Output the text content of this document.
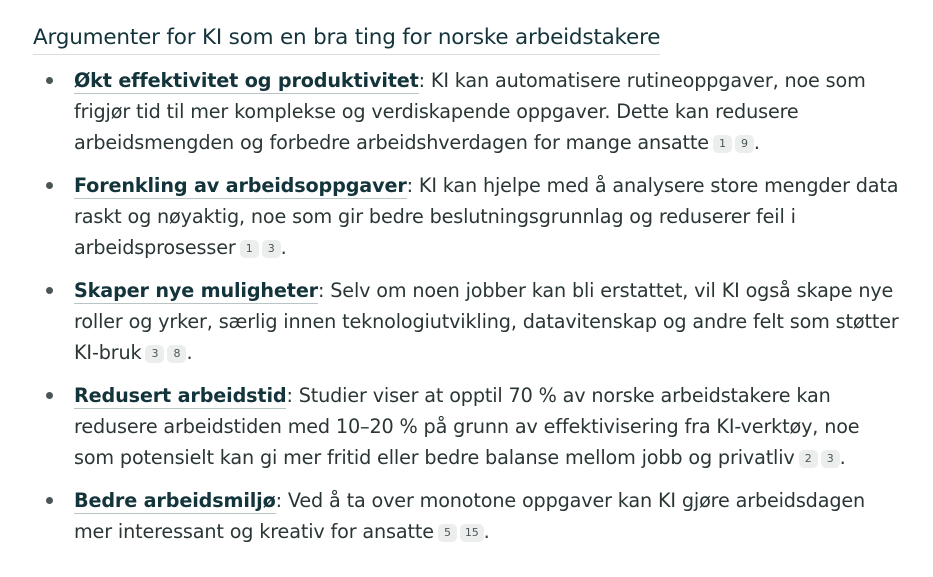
Argumenter for KI som en bra ting for norske arbeidstakere
Økt effektivitet og produktivitet: KI kan automatisere rutineoppgaver, noe som frigjør tid til mer komplekse og verdiskapende oppgaver. Dette kan redusere arbeidsmengden og forbedre arbeidshverdagen for mange ansatte 1 9 .
Forenkling av arbeidsoppgaver: KI kan hjelpe med å analysere store mengder data raskt og nøyaktig, noe som gir bedre beslutningsgrunnlag og reduserer feil i arbeidsprosesser 1 3 .
Skaper nye muligheter: Selv om noen jobber kan bli erstattet, vil KI også skape nye roller og yrker, særlig innen teknologiutvikling, datavitenskap og andre felt som støtter KI-bruk 3 8 .
Redusert arbeidstid: Studier viser at opptil 70 % av norske arbeidstakere kan redusere arbeidstiden med 10–20 % på grunn av effektivisering fra KI-verktøy, noe som potensielt kan gi mer fritid eller bedre balanse mellom jobb og privatliv 2 3 .
Bedre arbeidsmiljø: Ved å ta over monotone oppgaver kan KI gjøre arbeidsdagen mer interessant og kreativ for ansatte 5 15 .
